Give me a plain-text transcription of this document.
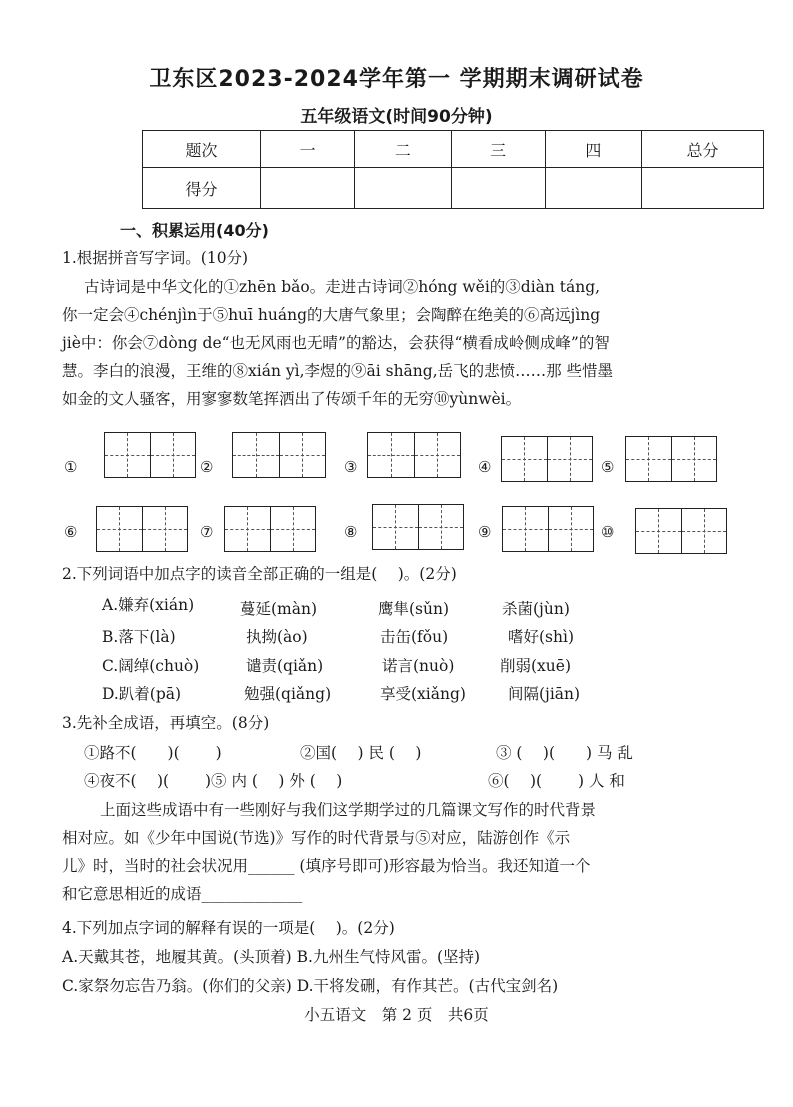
卫东区2023-2024学年第一 学期期末调研试卷
五年级语文(时间90分钟)
题次	一	二	三	四	总分
得分					
一、积累运用(40分)
1.根据拼音写字词。(10分)
古诗词是中华文化的①zhēn bǎo。走进古诗词②hóng wěi的③diàn táng,
你一定会④chénjìn于⑤huī huáng的大唐气象里；会陶醉在绝美的⑥高远jìng
jiè中：你会⑦dòng de“也无风雨也无晴”的豁达，会获得“横看成岭侧成峰”的智
慧。李白的浪漫，王维的⑧xián yì,李煜的⑨āi shāng,岳飞的悲愤……那 些惜墨
如金的文人骚客，用寥寥数笔挥洒出了传颂千年的无穷⑩yùnwèi。
①	②	③	④	⑤
⑥	⑦	⑧	⑨	⑩
2.下列词语中加点字的读音全部正确的一组是(　 )。(2分)
A.嫌弃(xián)	蔓延(màn)	鹰隼(sǔn)	杀菌(jùn)
B.落下(là)	执拗(ào)	击缶(fǒu)	嗜好(shì)
C.阔绰(chuò)	谴责(qiǎn)	诺言(nuò)	削弱(xuē)
D.趴着(pā)	勉强(qiǎng)	享受(xiǎng)	间隔(jiān)
3.先补全成语，再填空。(8分)
①路不(　　)(　　 )	②国(　 ) 民 (　 )	③ (　 )(　　) 马 乱
④夜不(　 )(　　 )⑤ 内 (　 ) 外 (　 )	⑥(　 )(　　 ) 人 和
上面这些成语中有一些刚好与我们这学期学过的几篇课文写作的时代背景
相对应。如《少年中国说(节选)》写作的时代背景与⑤对应，陆游创作《示
儿》时，当时的社会状况用______ (填序号即可)形容最为恰当。我还知道一个
和它意思相近的成语_____________
4.下列加点字词的解释有误的一项是(　 )。(2分)
A.天戴其苍，地履其黄。(头顶着) B.九州生气恃风雷。(坚持)
C.家祭勿忘告乃翁。(你们的父亲) D.干将发硎，有作其芒。(古代宝剑名)
小五语文　第 2 页　共6页
